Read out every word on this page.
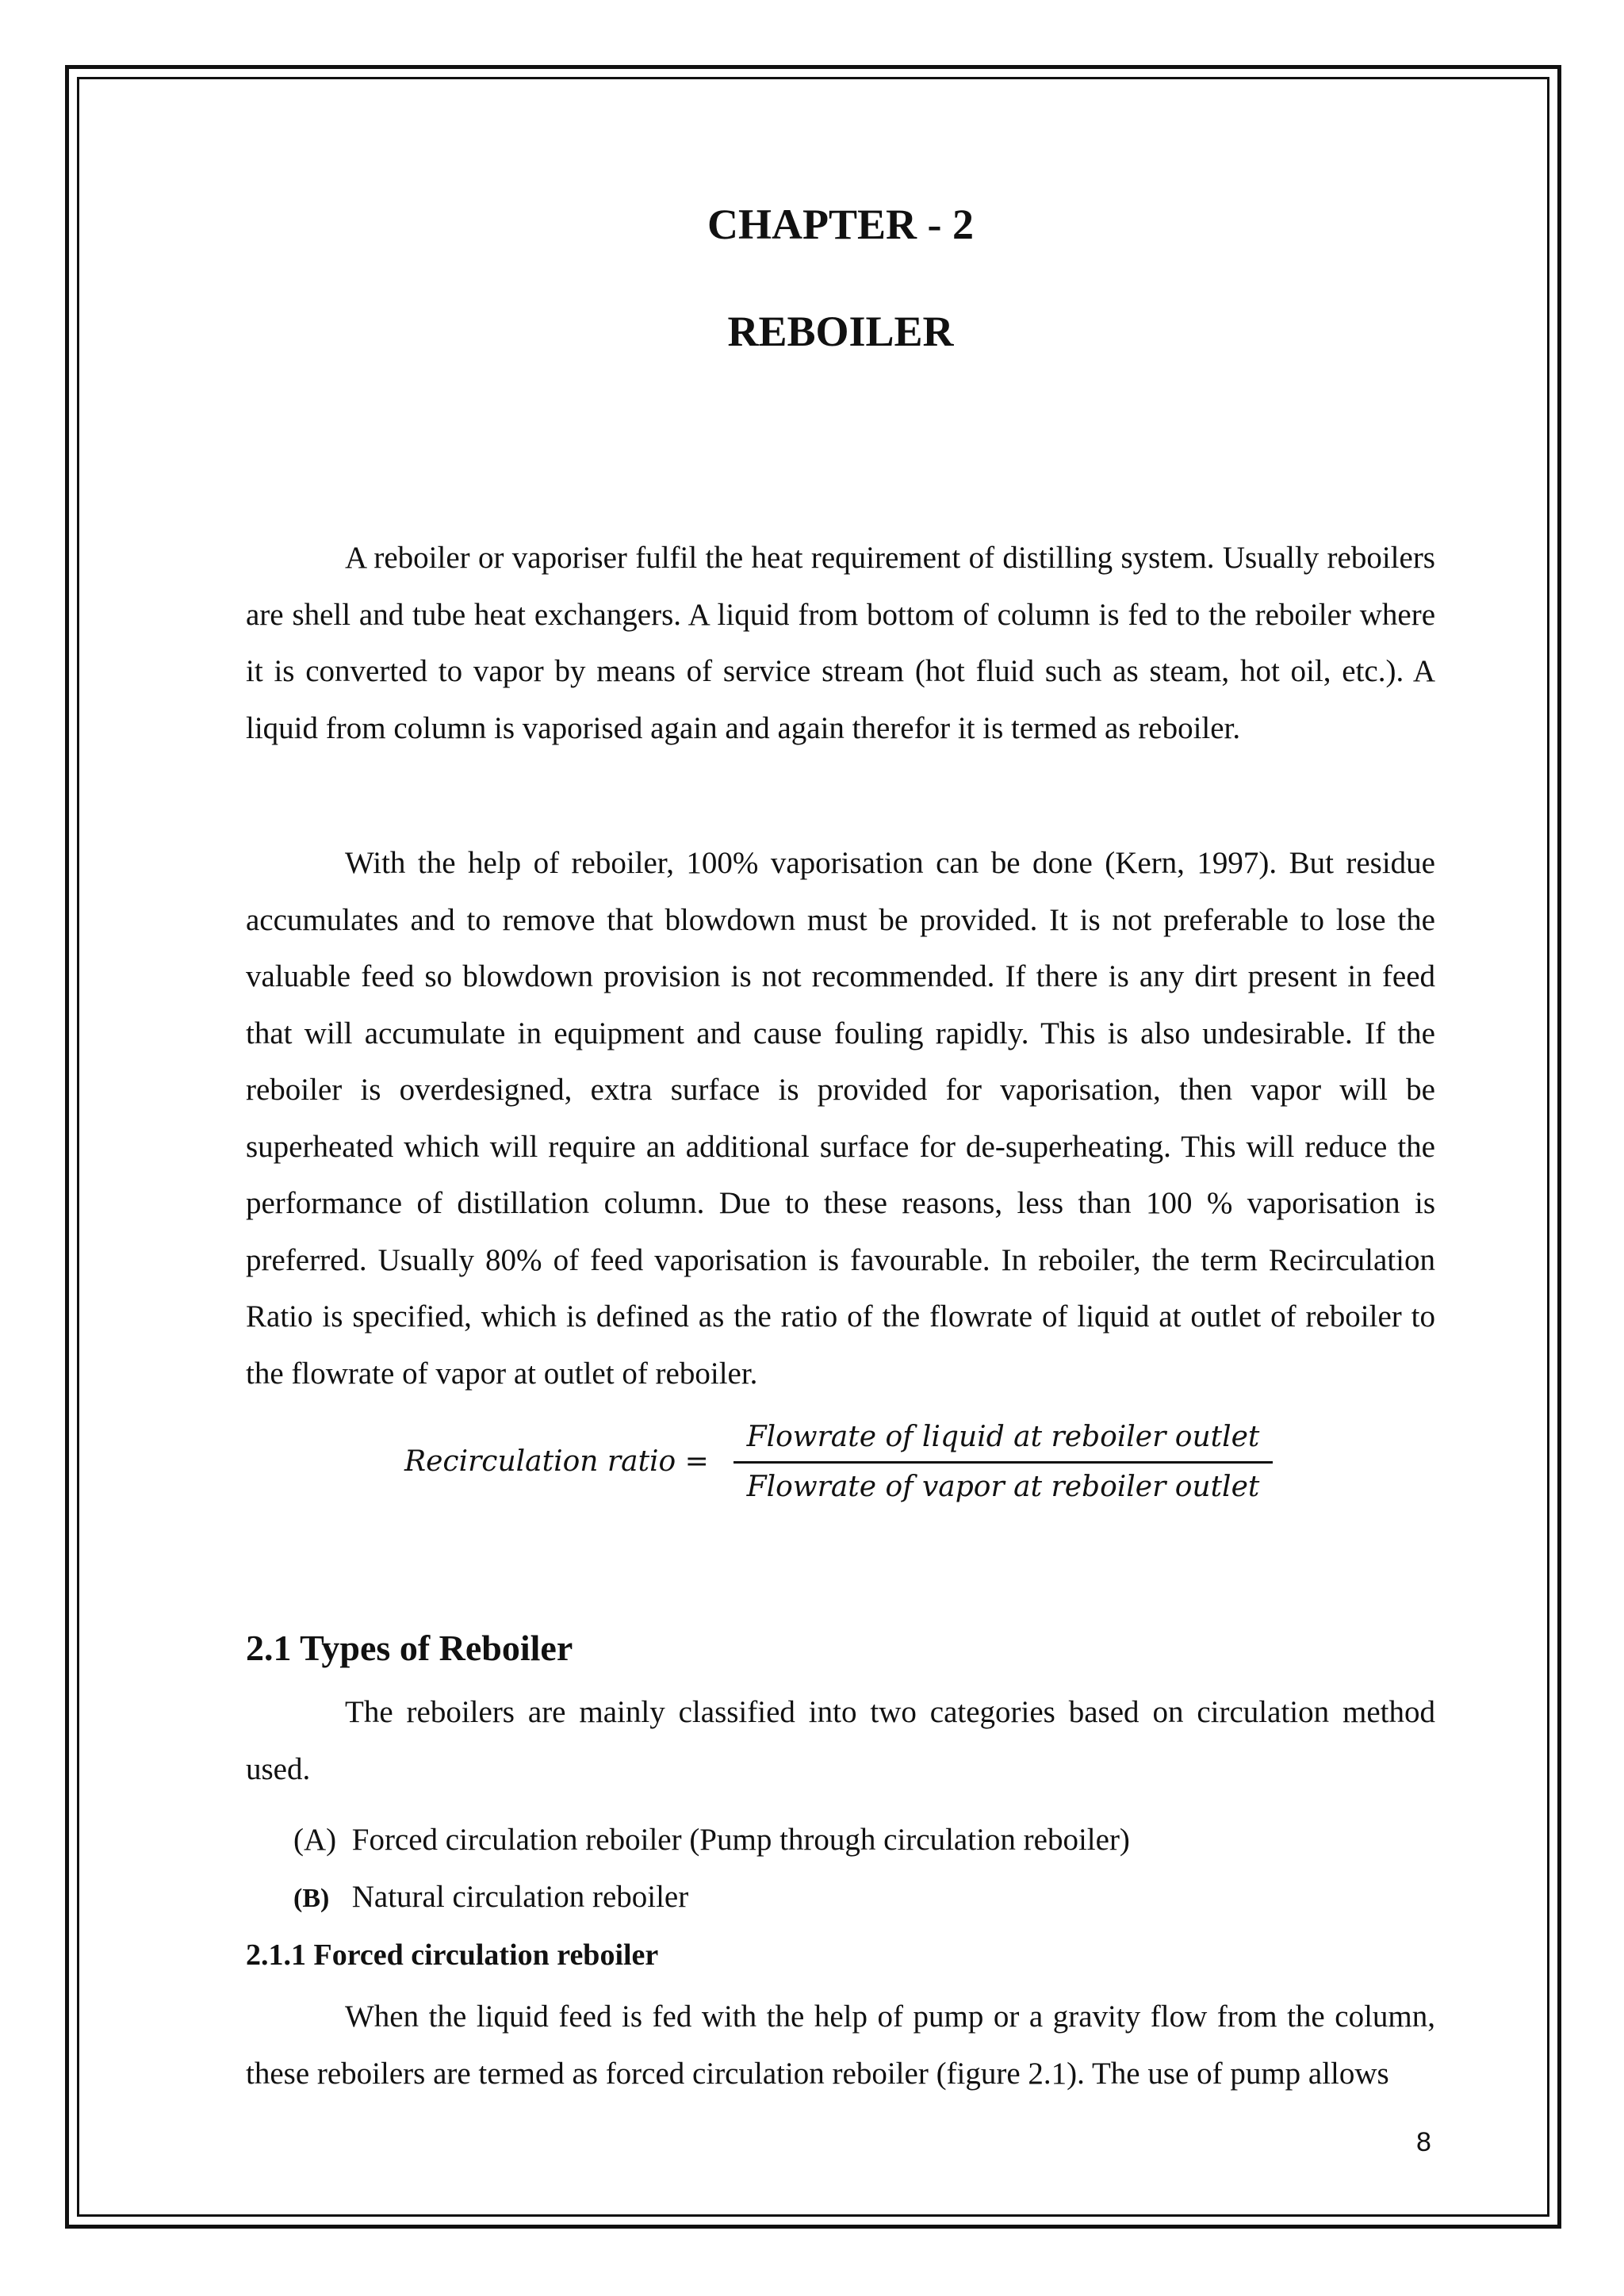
CHAPTER - 2
REBOILER

A reboiler or vaporiser fulfil the heat requirement of distilling system. Usually reboilers are shell and tube heat exchangers. A liquid from bottom of column is fed to the reboiler where it is converted to vapor by means of service stream (hot fluid such as steam, hot oil, etc.). A liquid from column is vaporised again and again therefor it is termed as reboiler.

With the help of reboiler, 100% vaporisation can be done (Kern, 1997). But residue accumulates and to remove that blowdown must be provided. It is not preferable to lose the valuable feed so blowdown provision is not recommended. If there is any dirt present in feed that will accumulate in equipment and cause fouling rapidly. This is also undesirable. If the reboiler is overdesigned, extra surface is provided for vaporisation, then vapor will be superheated which will require an additional surface for de-superheating. This will reduce the performance of distillation column. Due to these reasons, less than 100 % vaporisation is preferred. Usually 80% of feed vaporisation is favourable. In reboiler, the term Recirculation Ratio is specified, which is defined as the ratio of the flowrate of liquid at outlet of reboiler to the flowrate of vapor at outlet of reboiler.

Recirculation ratio =
Flowrate of liquid at reboiler outlet
Flowrate of vapor at reboiler outlet
2.1 Types of Reboiler

The reboilers are mainly classified into two categories based on circulation method used.

(A) Forced circulation reboiler (Pump through circulation reboiler)
(B) Natural circulation reboiler
2.1.1 Forced circulation reboiler

When the liquid feed is fed with the help of pump or a gravity flow from the column, these reboilers are termed as forced circulation reboiler (figure 2.1). The use of pump allows

8
